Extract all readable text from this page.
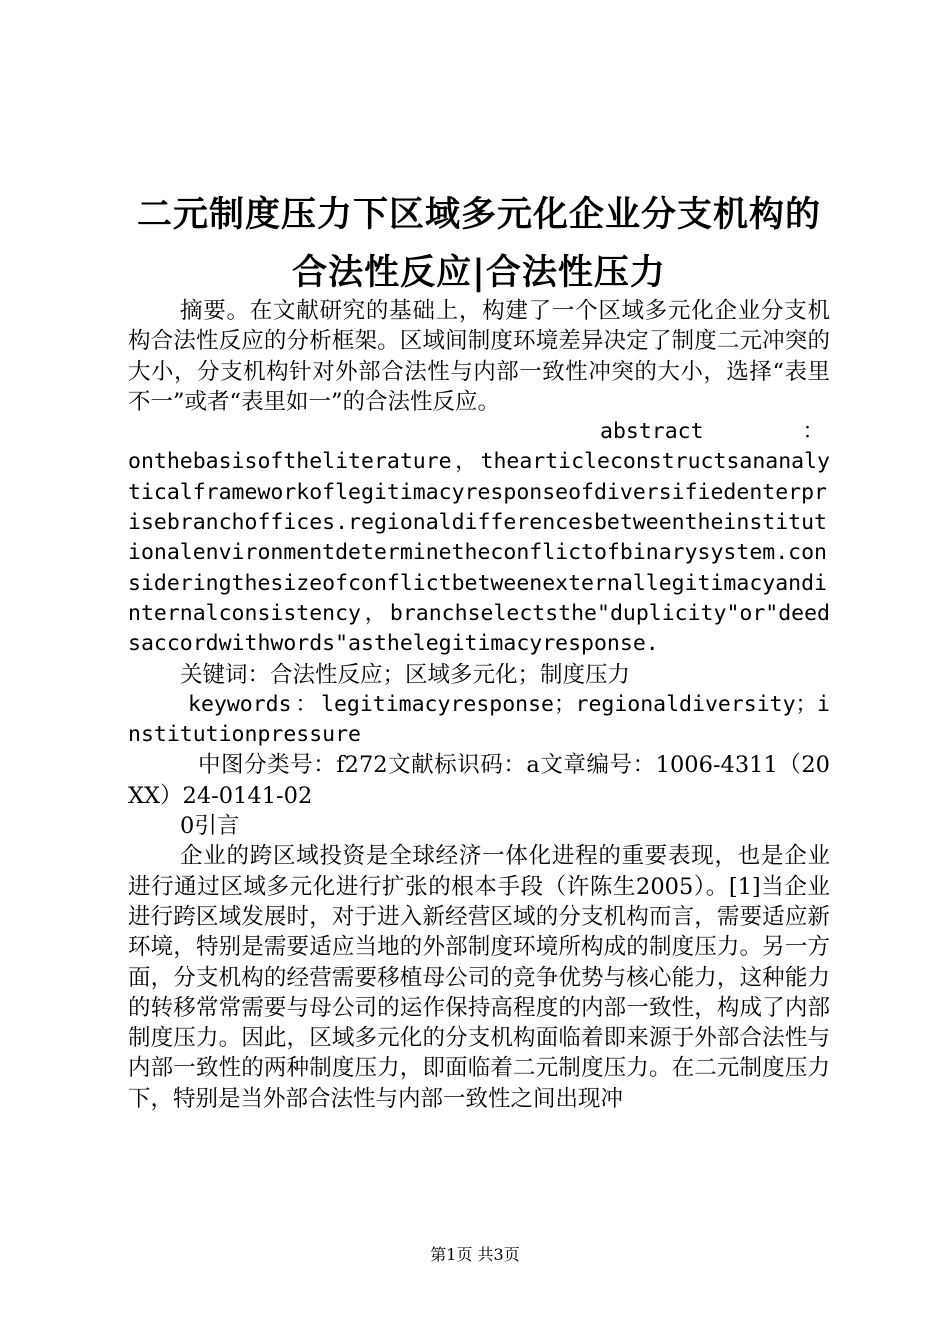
二元制度压力下区域多元化企业分支机构的合法性反应|合法性压力

摘要。在文献研究的基础上，构建了一个区域多元化企业分支机构合法性反应的分析框架。区域间制度环境差异决定了制度二元冲突的大小，分支机构针对外部合法性与内部一致性冲突的大小，选择“表里不一”或者“表里如一”的合法性反应。

abstract	：
onthebasisoftheliterature，thearticleconstructsananalyticalframeworkoflegitimacyresponseofdiversifiedenterprisebranchoffices.regionaldifferencesbetweentheinstitutionalenvironmentdeterminetheconflictofbinarysystem.consideringthesizeofconflictbetweenexternallegitimacyandinternalconsistency，branchselectsthe"duplicity"or"deedsaccordwithwords"asthelegitimacyresponse.

关键词：合法性反应；区域多元化；制度压力

keywords：legitimacyresponse；regionaldiversity；institutionpressure

中图分类号：f272文献标识码：a文章编号：1006-4311（20XX）24-0141-02

0引言

企业的跨区域投资是全球经济一体化进程的重要表现，也是企业进行通过区域多元化进行扩张的根本手段（许陈生2005）。[1]当企业进行跨区域发展时，对于进入新经营区域的分支机构而言，需要适应新环境，特别是需要适应当地的外部制度环境所构成的制度压力。另一方面，分支机构的经营需要移植母公司的竞争优势与核心能力，这种能力的转移常常需要与母公司的运作保持高程度的内部一致性，构成了内部制度压力。因此，区域多元化的分支机构面临着即来源于外部合法性与内部一致性的两种制度压力，即面临着二元制度压力。在二元制度压力下，特别是当外部合法性与内部一致性之间出现冲

第1页 共3页
